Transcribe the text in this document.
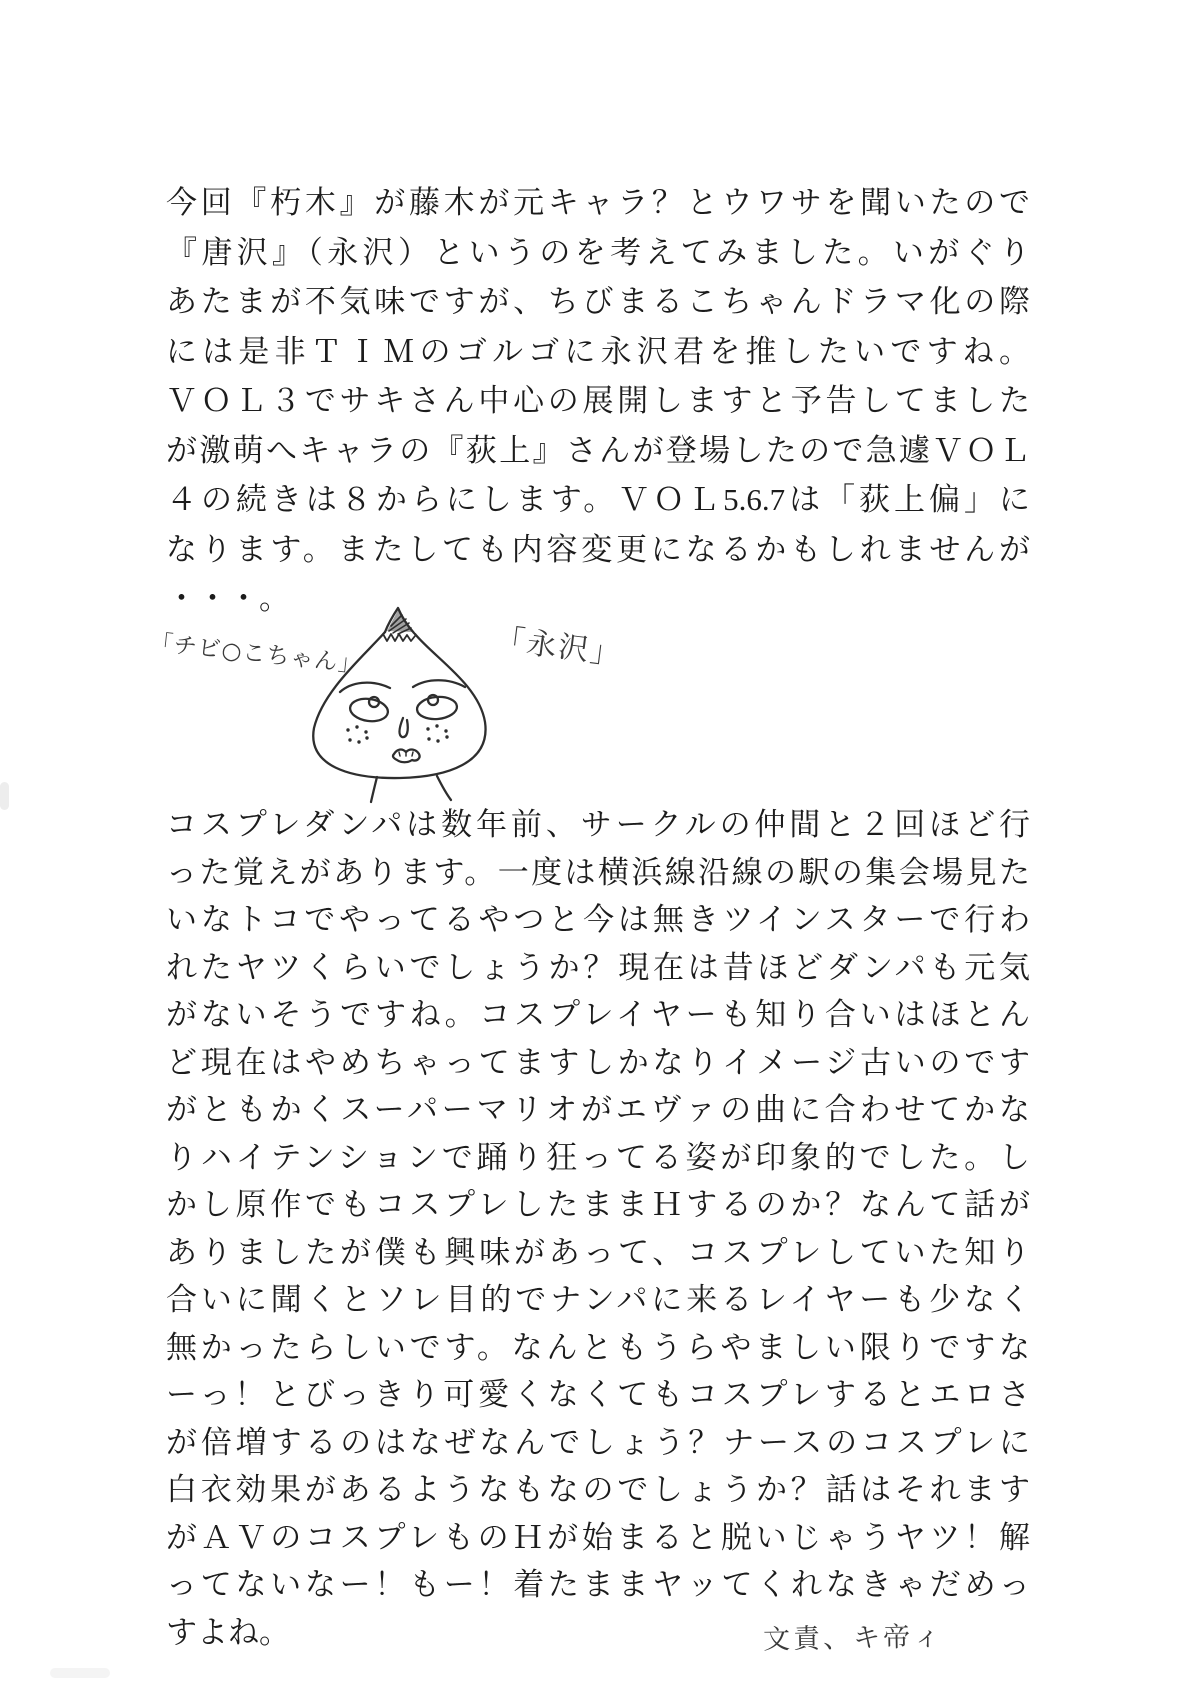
今回『朽木』が藤木が元キャラ？とウワサを聞いたので
『唐沢』（永沢）というのを考えてみました。いがぐり
あたまが不気味ですが、ちびまるこちゃんドラマ化の際
には是非ＴＩＭのゴルゴに永沢君を推したいですね。
ＶＯＬ３でサキさん中心の展開しますと予告してました
が激萌へキャラの『荻上』さんが登場したので急遽ＶＯＬ
４の続きは８からにします。ＶＯＬ5.6.7は「荻上偏」に
なります。またしても内容変更になるかもしれませんが
・・・。
「チビ○こちゃん」	「永沢」
コスプレダンパは数年前、サークルの仲間と２回ほど行
った覚えがあります。一度は横浜線沿線の駅の集会場見た
いなトコでやってるやつと今は無きツインスターで行わ
れたヤツくらいでしょうか？現在は昔ほどダンパも元気
がないそうですね。コスプレイヤーも知り合いはほとん
ど現在はやめちゃってますしかなりイメージ古いのです
がともかくスーパーマリオがエヴァの曲に合わせてかな
りハイテンションで踊り狂ってる姿が印象的でした。し
かし原作でもコスプレしたままＨするのか？なんて話が
ありましたが僕も興味があって、コスプレしていた知り
合いに聞くとソレ目的でナンパに来るレイヤーも少なく
無かったらしいです。なんともうらやましい限りですな
ーっ！とびっきり可愛くなくてもコスプレするとエロさ
が倍増するのはなぜなんでしょう？ナースのコスプレに
白衣効果があるようなもなのでしょうか？話はそれます
がＡＶのコスプレものＨが始まると脱いじゃうヤツ！解
ってないなー！もー！着たままヤッてくれなきゃだめっ
すよね。	文責、キ帝ィ
